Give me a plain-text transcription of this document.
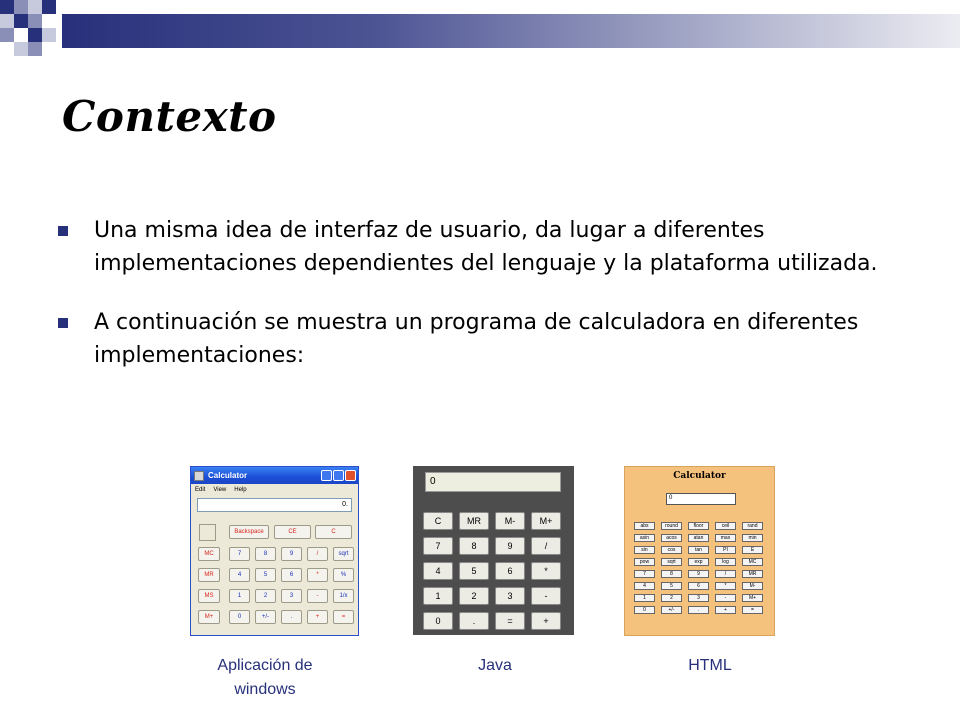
Contexto
Una misma idea de interfaz de usuario, da lugar a diferentes implementaciones dependientes del lenguaje y la plataforma utilizada.
A continuación se muestra un programa de calculadora en diferentes implementaciones:
Calculator
Edit View Help
0.
Backspace	CE	C
MC
MR
MS
M+
7	8	9	/	sqrt
4	5	6	*	%
1	2	3	-	1/x
0	+/-	.	+	=
0
C	MR	M-	M+
7	8	9	/
4	5	6	*
1	2	3	-
0	.	=	+
Calculator
0
abs	round	floor	ceil	rand
asin	acos	atan	max	min
sin	cos	tan	PI	E
pow	sqrt	exp	log	MC
7	8	9	/	MR
4	5	6	*	M-
1	2	3	-	M+
0	+/-	.	+	=
Aplicación de windows
Java	HTML
